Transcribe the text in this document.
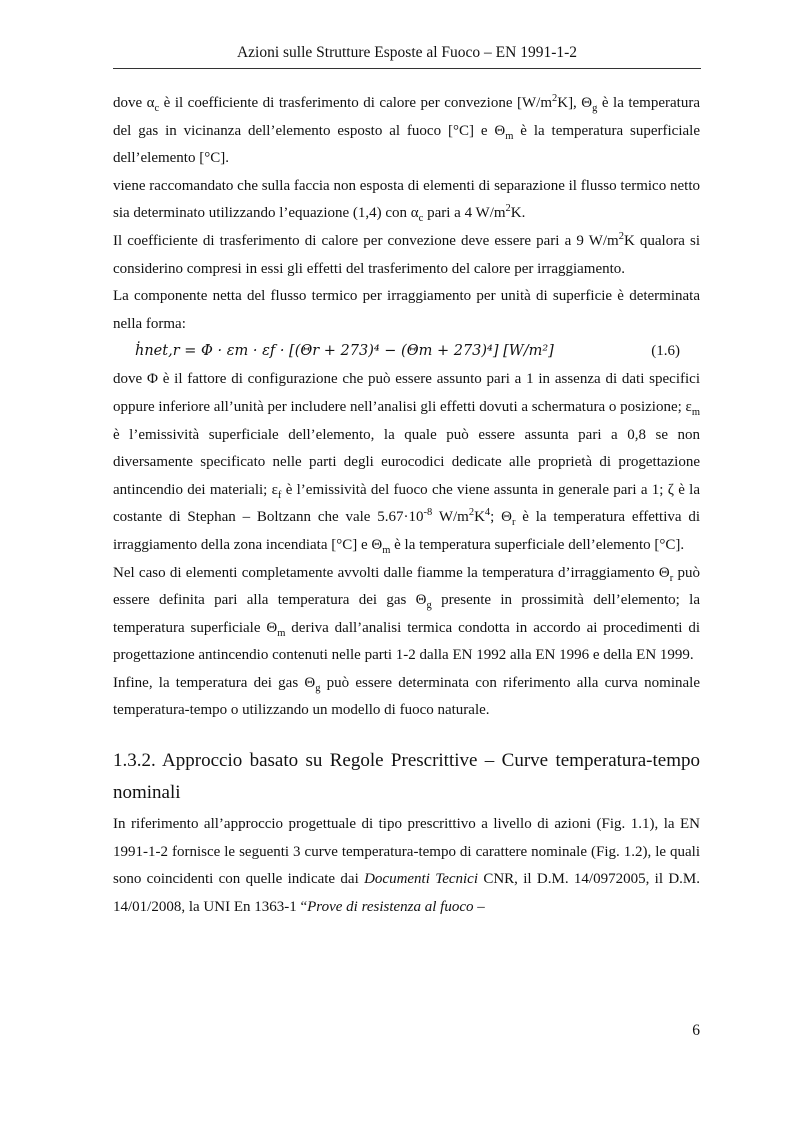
Azioni sulle Strutture Esposte al Fuoco – EN 1991-1-2

dove $\alpha_c$ è il coefficiente di trasferimento di calore per convezione $[W/m^2K]$, $\Theta_g$ è la temperatura del gas in vicinanza dell’elemento esposto al fuoco [°C] e $\Theta_m$ è la temperatura superficiale dell’elemento [°C].

viene raccomandato che sulla faccia non esposta di elementi di separazione il flusso termico netto sia determinato utilizzando l’equazione (1,4) con $\alpha_c$ pari a 4 $W/m^2K$.

Il coefficiente di trasferimento di calore per convezione deve essere pari a 9 $W/m^2K$ qualora si considerino compresi in essi gli effetti del trasferimento del calore per irraggiamento.

La componente netta del flusso termico per irraggiamento per unità di superficie è determinata nella forma:

ḣnet,r = Φ · εm · εf · [(Θr + 273)⁴ − (Θm + 273)⁴] [W/m²]	(1.6)

dove Φ è il fattore di configurazione che può essere assunto pari a 1 in assenza di dati specifici oppure inferiore all’unità per includere nell’analisi gli effetti dovuti a schermatura o posizione; $\varepsilon_m$ è l’emissività superficiale dell’elemento, la quale può essere assunta pari a 0,8 se non diversamente specificato nelle parti degli eurocodici dedicate alle proprietà di progettazione antincendio dei materiali; $\varepsilon_f$ è l’emissività del fuoco che viene assunta in generale pari a 1; ζ è la costante di Stephan – Boltzann che vale $5.67\cdot 10^{-8}$ $W/m^2K^4$; $\Theta_r$ è la temperatura effettiva di irraggiamento della zona incendiata [°C] e $\Theta_m$ è la temperatura superficiale dell’elemento [°C].

Nel caso di elementi completamente avvolti dalle fiamme la temperatura d’irraggiamento $\Theta_r$ può essere definita pari alla temperatura dei gas $\Theta_g$ presente in prossimità dell’elemento; la temperatura superficiale $\Theta_m$ deriva dall’analisi termica condotta in accordo ai procedimenti di progettazione antincendio contenuti nelle parti 1-2 dalla EN 1992 alla EN 1996 e della EN 1999.

Infine, la temperatura dei gas $\Theta_g$ può essere determinata con riferimento alla curva nominale temperatura-tempo o utilizzando un modello di fuoco naturale.

1.3.2. Approccio basato su Regole Prescrittive – Curve temperatura-tempo nominali

In riferimento all’approccio progettuale di tipo prescrittivo a livello di azioni (Fig. 1.1), la EN 1991-1-2 fornisce le seguenti 3 curve temperatura-tempo di carattere nominale (Fig. 1.2), le quali sono coincidenti con quelle indicate dai Documenti Tecnici CNR, il D.M. 14/0972005, il D.M. 14/01/2008, la UNI En 1363-1 “Prove di resistenza al fuoco –

6
